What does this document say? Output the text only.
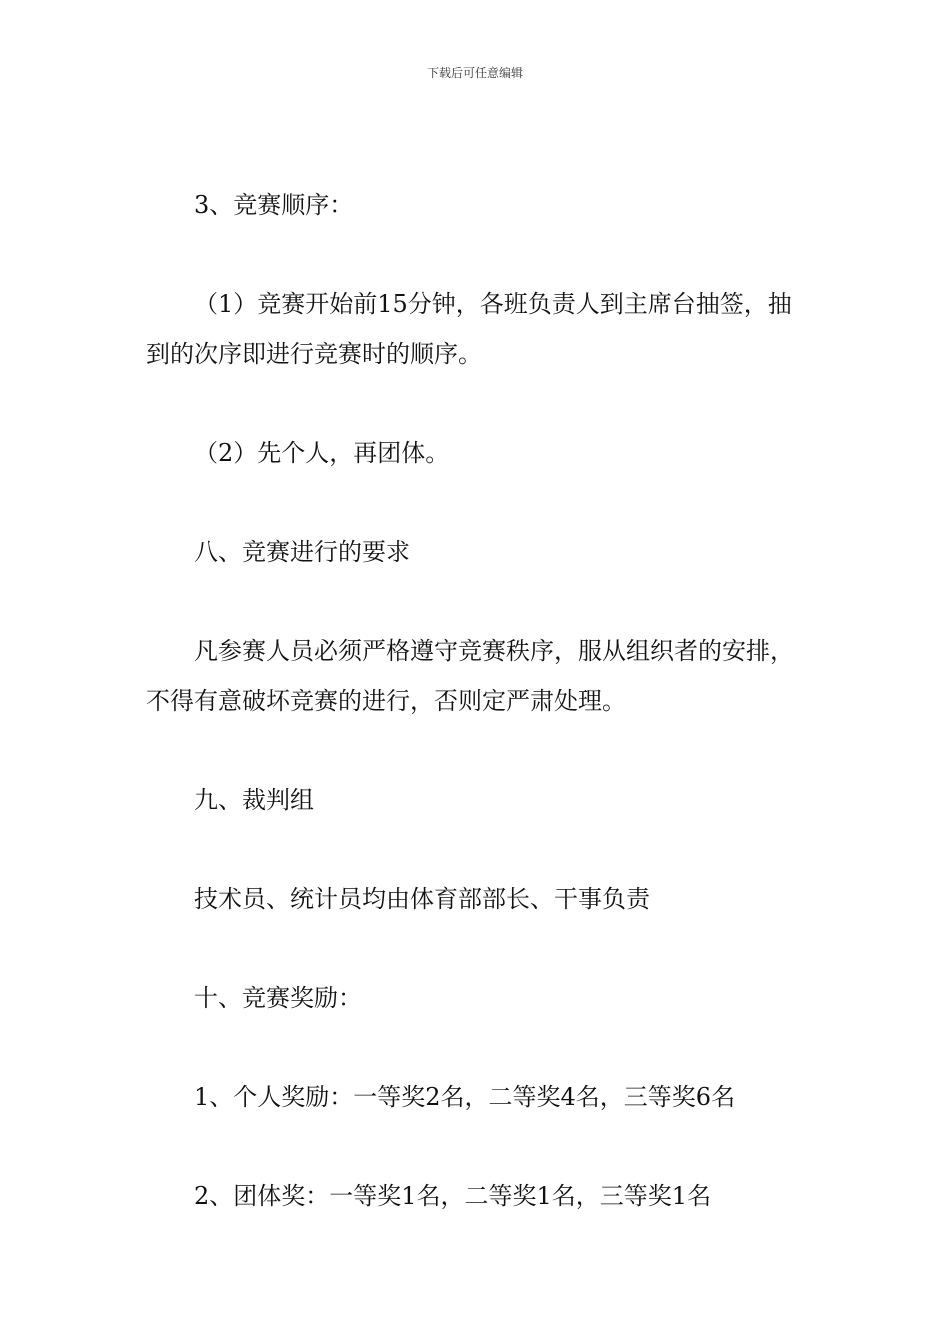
下载后可任意编辑

3、竞赛顺序：

（1）竞赛开始前15分钟，各班负责人到主席台抽签，抽到的次序即进行竞赛时的顺序。

（2）先个人，再团体。

八、竞赛进行的要求

凡参赛人员必须严格遵守竞赛秩序，服从组织者的安排，不得有意破坏竞赛的进行，否则定严肃处理。

九、裁判组

技术员、统计员均由体育部部长、干事负责

十、竞赛奖励：

1、个人奖励：一等奖2名，二等奖4名，三等奖6名

2、团体奖：一等奖1名，二等奖1名，三等奖1名
